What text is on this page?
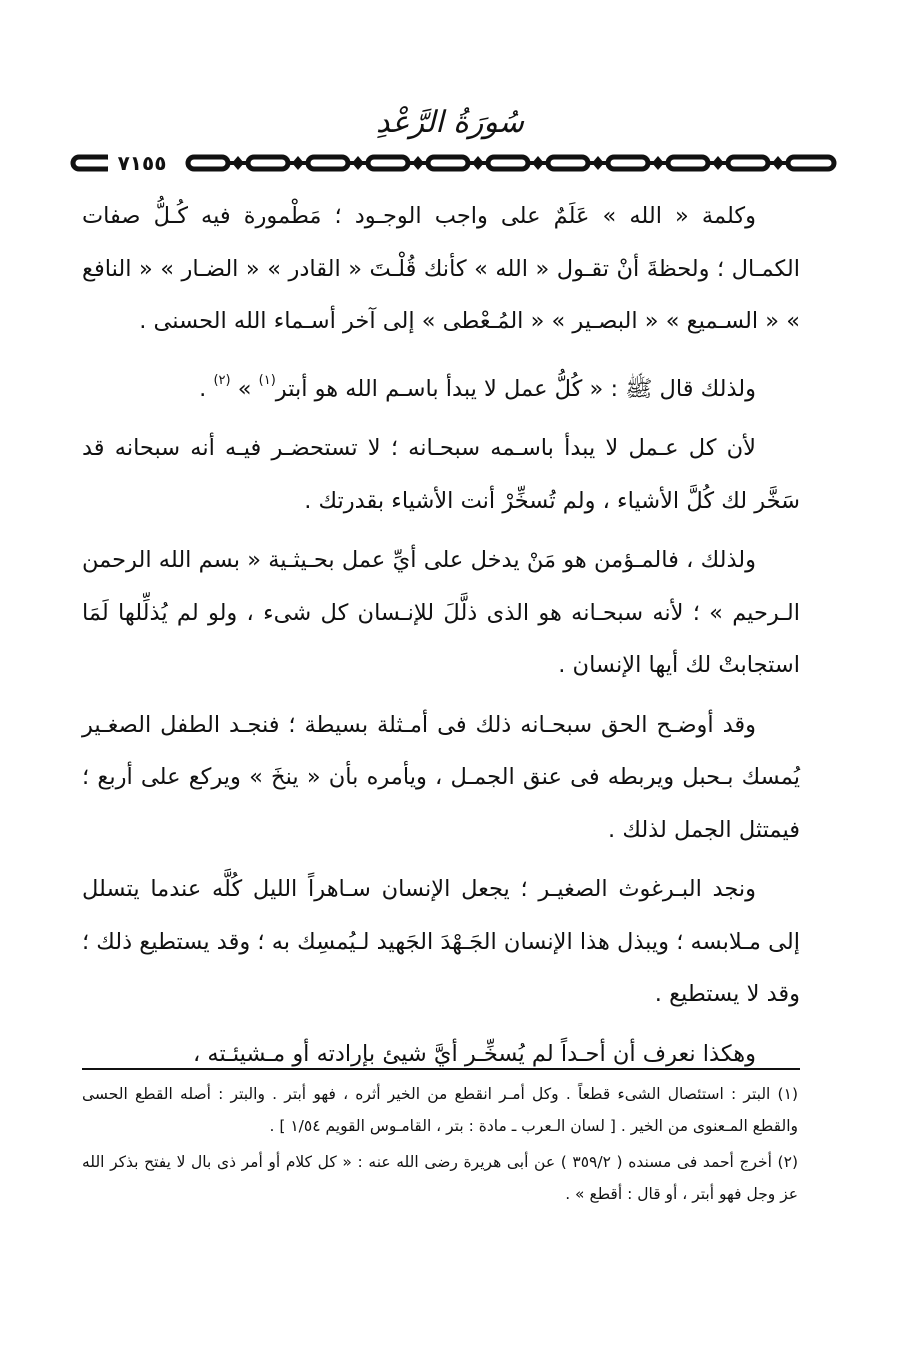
سُورَةُ الرَّعْدِ
٧١٥٥

وكلمة « الله » عَلَمٌ على واجب الوجـود ؛ مَطْمورة فيه كُـلُّ صفات الكمـال ؛ ولحظةَ أنْ تقـول « الله » كأنك قُلْـتَ « القادر » « الضـار » « النافع » « السـميع » « البصـير » « المُـعْطى » إلى آخر أسـماء الله الحسنى .

ولذلك قال ﷺ : « كُلُّ عمل لا يبدأ باسـم الله هو أبتر$^{(١)}$ » $^{(٢)}$ .

لأن كل عـمل لا يبدأ باسـمه سبحـانه ؛ لا تستحضـر فيـه أنه سبحانه قد سَخَّر لك كُلَّ الأشياء ، ولم تُسخِّرْ أنت الأشياء بقدرتك .

ولذلك ، فالمـؤمن هو مَنْ يدخل على أيِّ عمل بحـيثـية « بسم الله الرحمن الـرحيم » ؛ لأنه سبحـانه هو الذى ذلَّلَ للإنـسان كل شىء ، ولو لم يُذلِّلها لَمَا استجابتْ لك أيها الإنسان .

وقد أوضـح الحق سبحـانه ذلك فى أمـثلة بسيطة ؛ فنجـد الطفل الصغـير يُمسك بـحبل ويربطه فى عنق الجمـل ، ويأمره بأن « ينخَ » ويركع على أربع ؛ فيمتثل الجمل لذلك .

ونجد البـرغوث الصغيـر ؛ يجعل الإنسان سـاهراً الليل كُلَّه عندما يتسلل إلى مـلابسه ؛ ويبذل هذا الإنسان الجَـهْدَ الجَهيد لـيُمسِك به ؛ وقد يستطيع ذلك ؛ وقد لا يستطيع .

وهكذا نعرف أن أحـداً لم يُسخِّـر أيَّ شيئ بإرادته أو مـشيئـته ،

(١) البتر : استئصال الشىء قطعاً . وكل أمـر انقطع من الخير أثره ، فهو أبتر . والبتر : أصله القطع الحسى والقطع المـعنوى من الخير . [ لسان الـعرب ـ مادة : بتر ، القامـوس القويم ١/٥٤ ] .

(٢) أخرج أحمد فى مسنده ( ٣٥٩/٢ ) عن أبى هريرة رضى الله عنه : « كل كلام أو أمر ذى بال لا يفتح بذكر الله عز وجل فهو أبتر ، أو قال : أقطع » .
